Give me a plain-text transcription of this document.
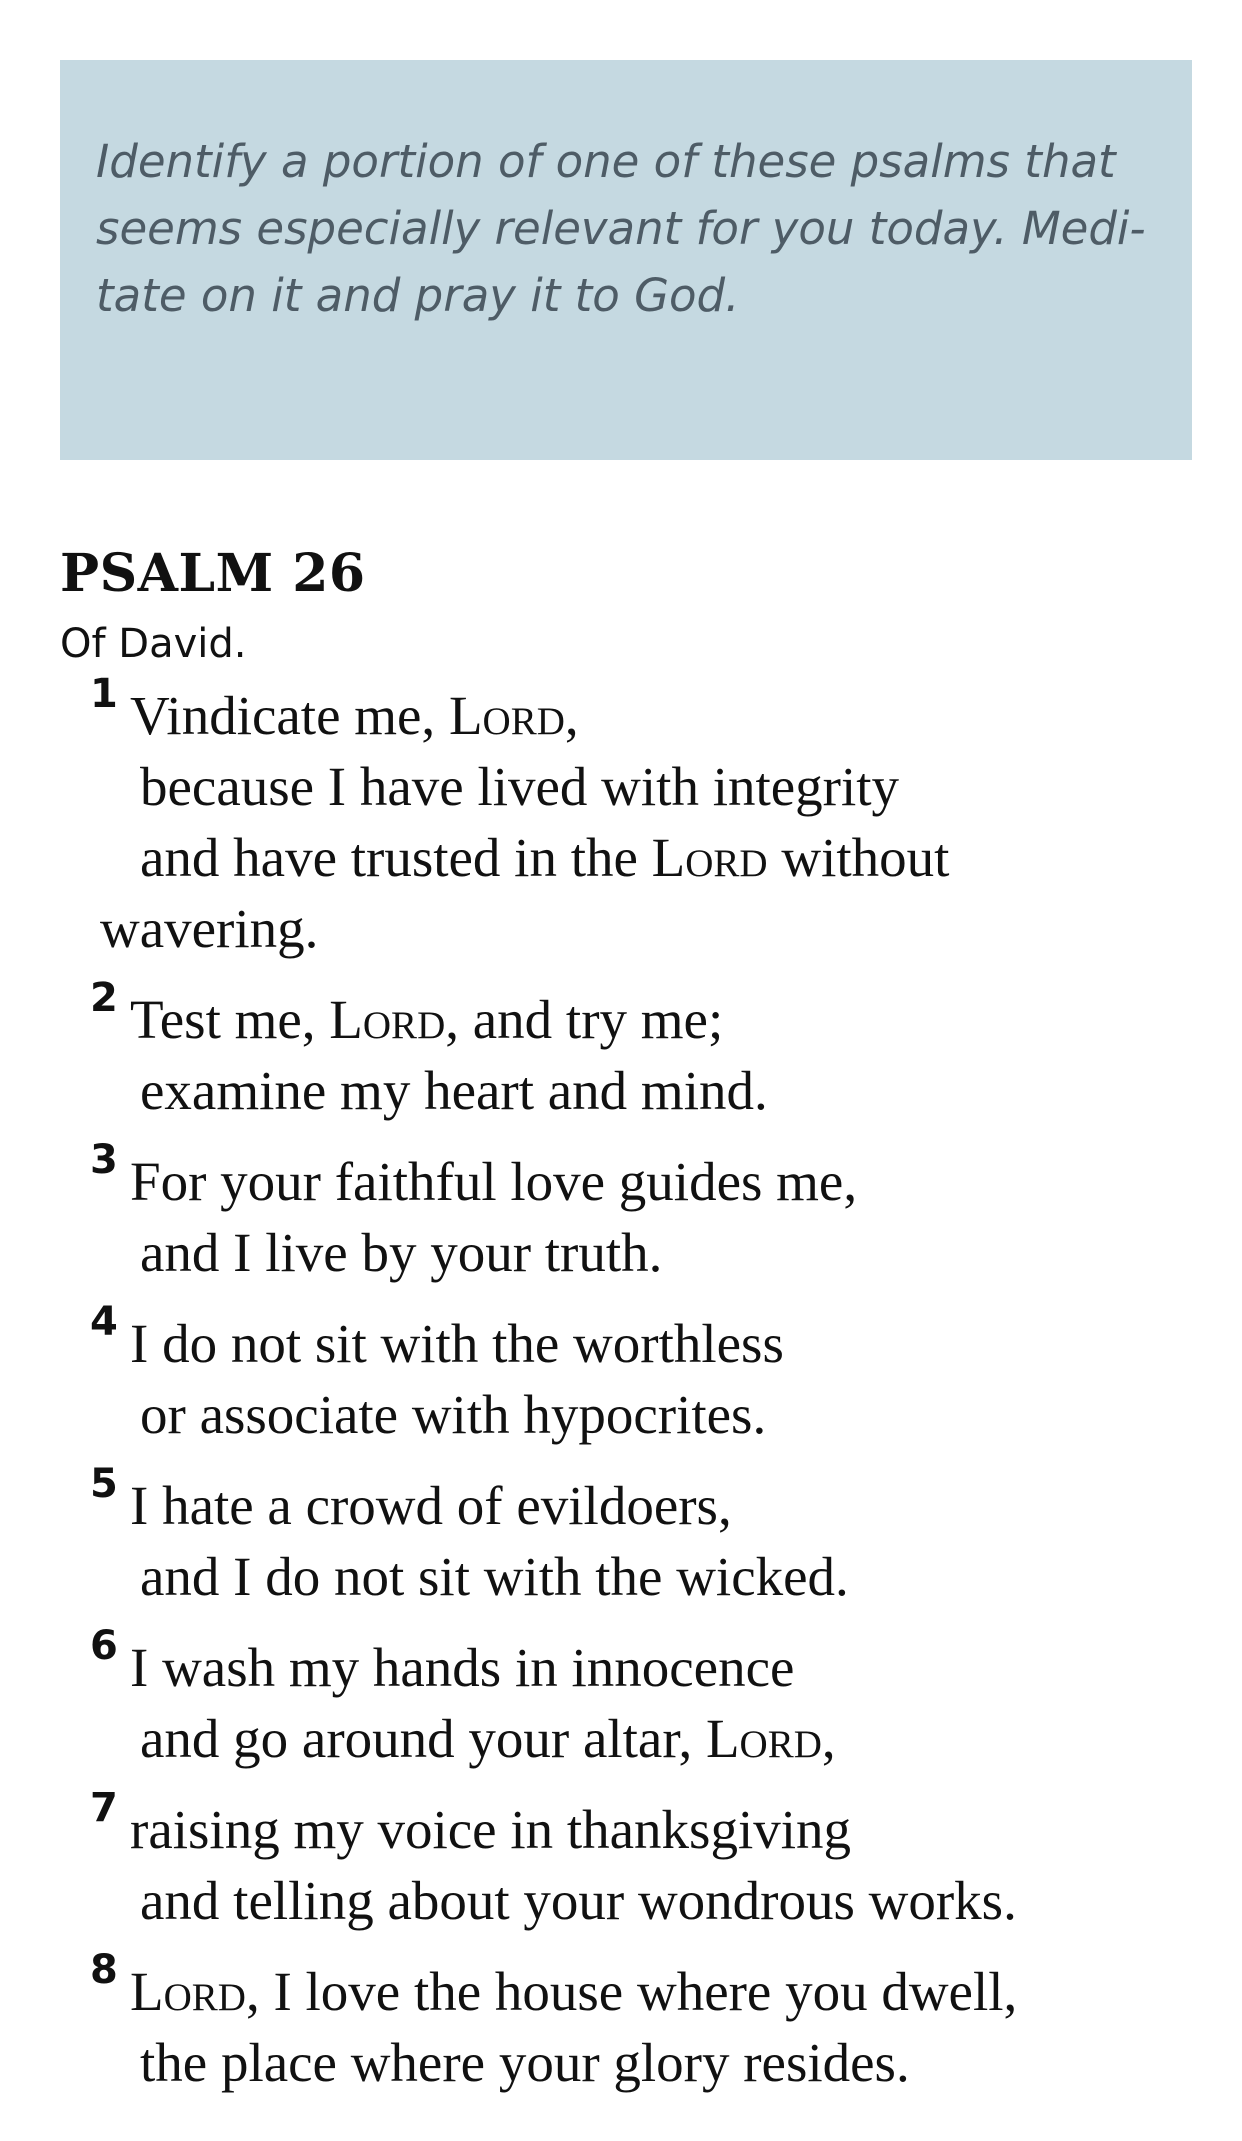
Identify a portion of one of these psalms that
seems especially relevant for you today. Medi-
tate on it and pray it to God.

PSALM 26

Of David.

1 Vindicate me, Lord,
because I have lived with integrity
and have trusted in the Lord without
wavering.
2 Test me, Lord, and try me;
examine my heart and mind.
3 For your faithful love guides me,
and I live by your truth.
4 I do not sit with the worthless
or associate with hypocrites.
5 I hate a crowd of evildoers,
and I do not sit with the wicked.
6 I wash my hands in innocence
and go around your altar, Lord,
7 raising my voice in thanksgiving
and telling about your wondrous works.
8 Lord, I love the house where you dwell,
the place where your glory resides.
